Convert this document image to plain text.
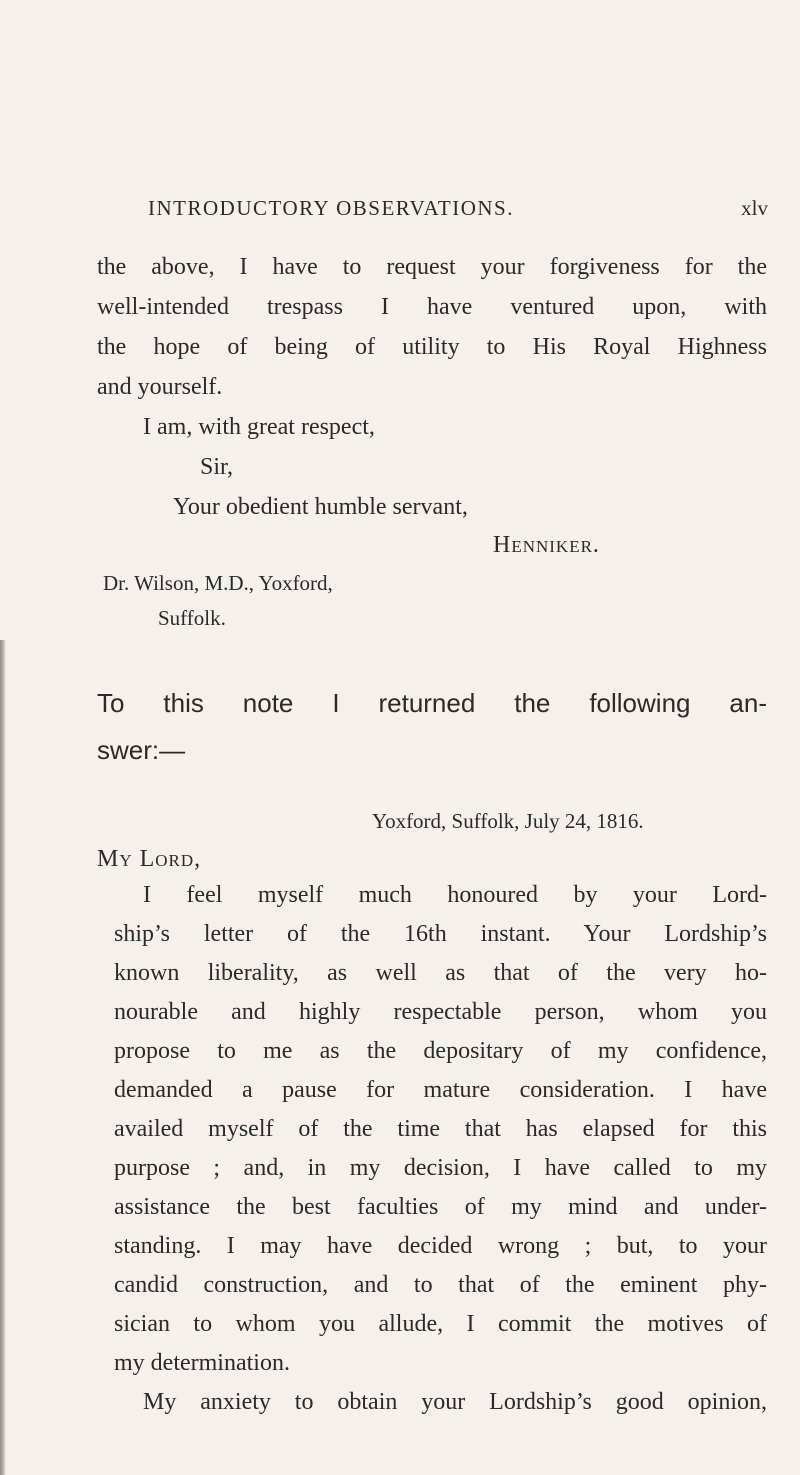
INTRODUCTORY OBSERVATIONS.	xlv
the above, I have to request your forgiveness for the
well-intended trespass I have ventured upon, with
the hope of being of utility to His Royal Highness
and yourself.
I am, with great respect,
Sir,
Your obedient humble servant,
Henniker.
Dr. Wilson, M.D., Yoxford,
Suffolk.
To this note I returned the following an-
swer:—
Yoxford, Suffolk, July 24, 1816.
My Lord,
I feel myself much honoured by your Lord-
ship’s letter of the 16th instant. Your Lordship’s
known liberality, as well as that of the very ho-
nourable and highly respectable person, whom you
propose to me as the depositary of my confidence,
demanded a pause for mature consideration. I have
availed myself of the time that has elapsed for this
purpose ; and, in my decision, I have called to my
assistance the best faculties of my mind and under-
standing. I may have decided wrong ; but, to your
candid construction, and to that of the eminent phy-
sician to whom you allude, I commit the motives of
my determination.
My anxiety to obtain your Lordship’s good opinion,
